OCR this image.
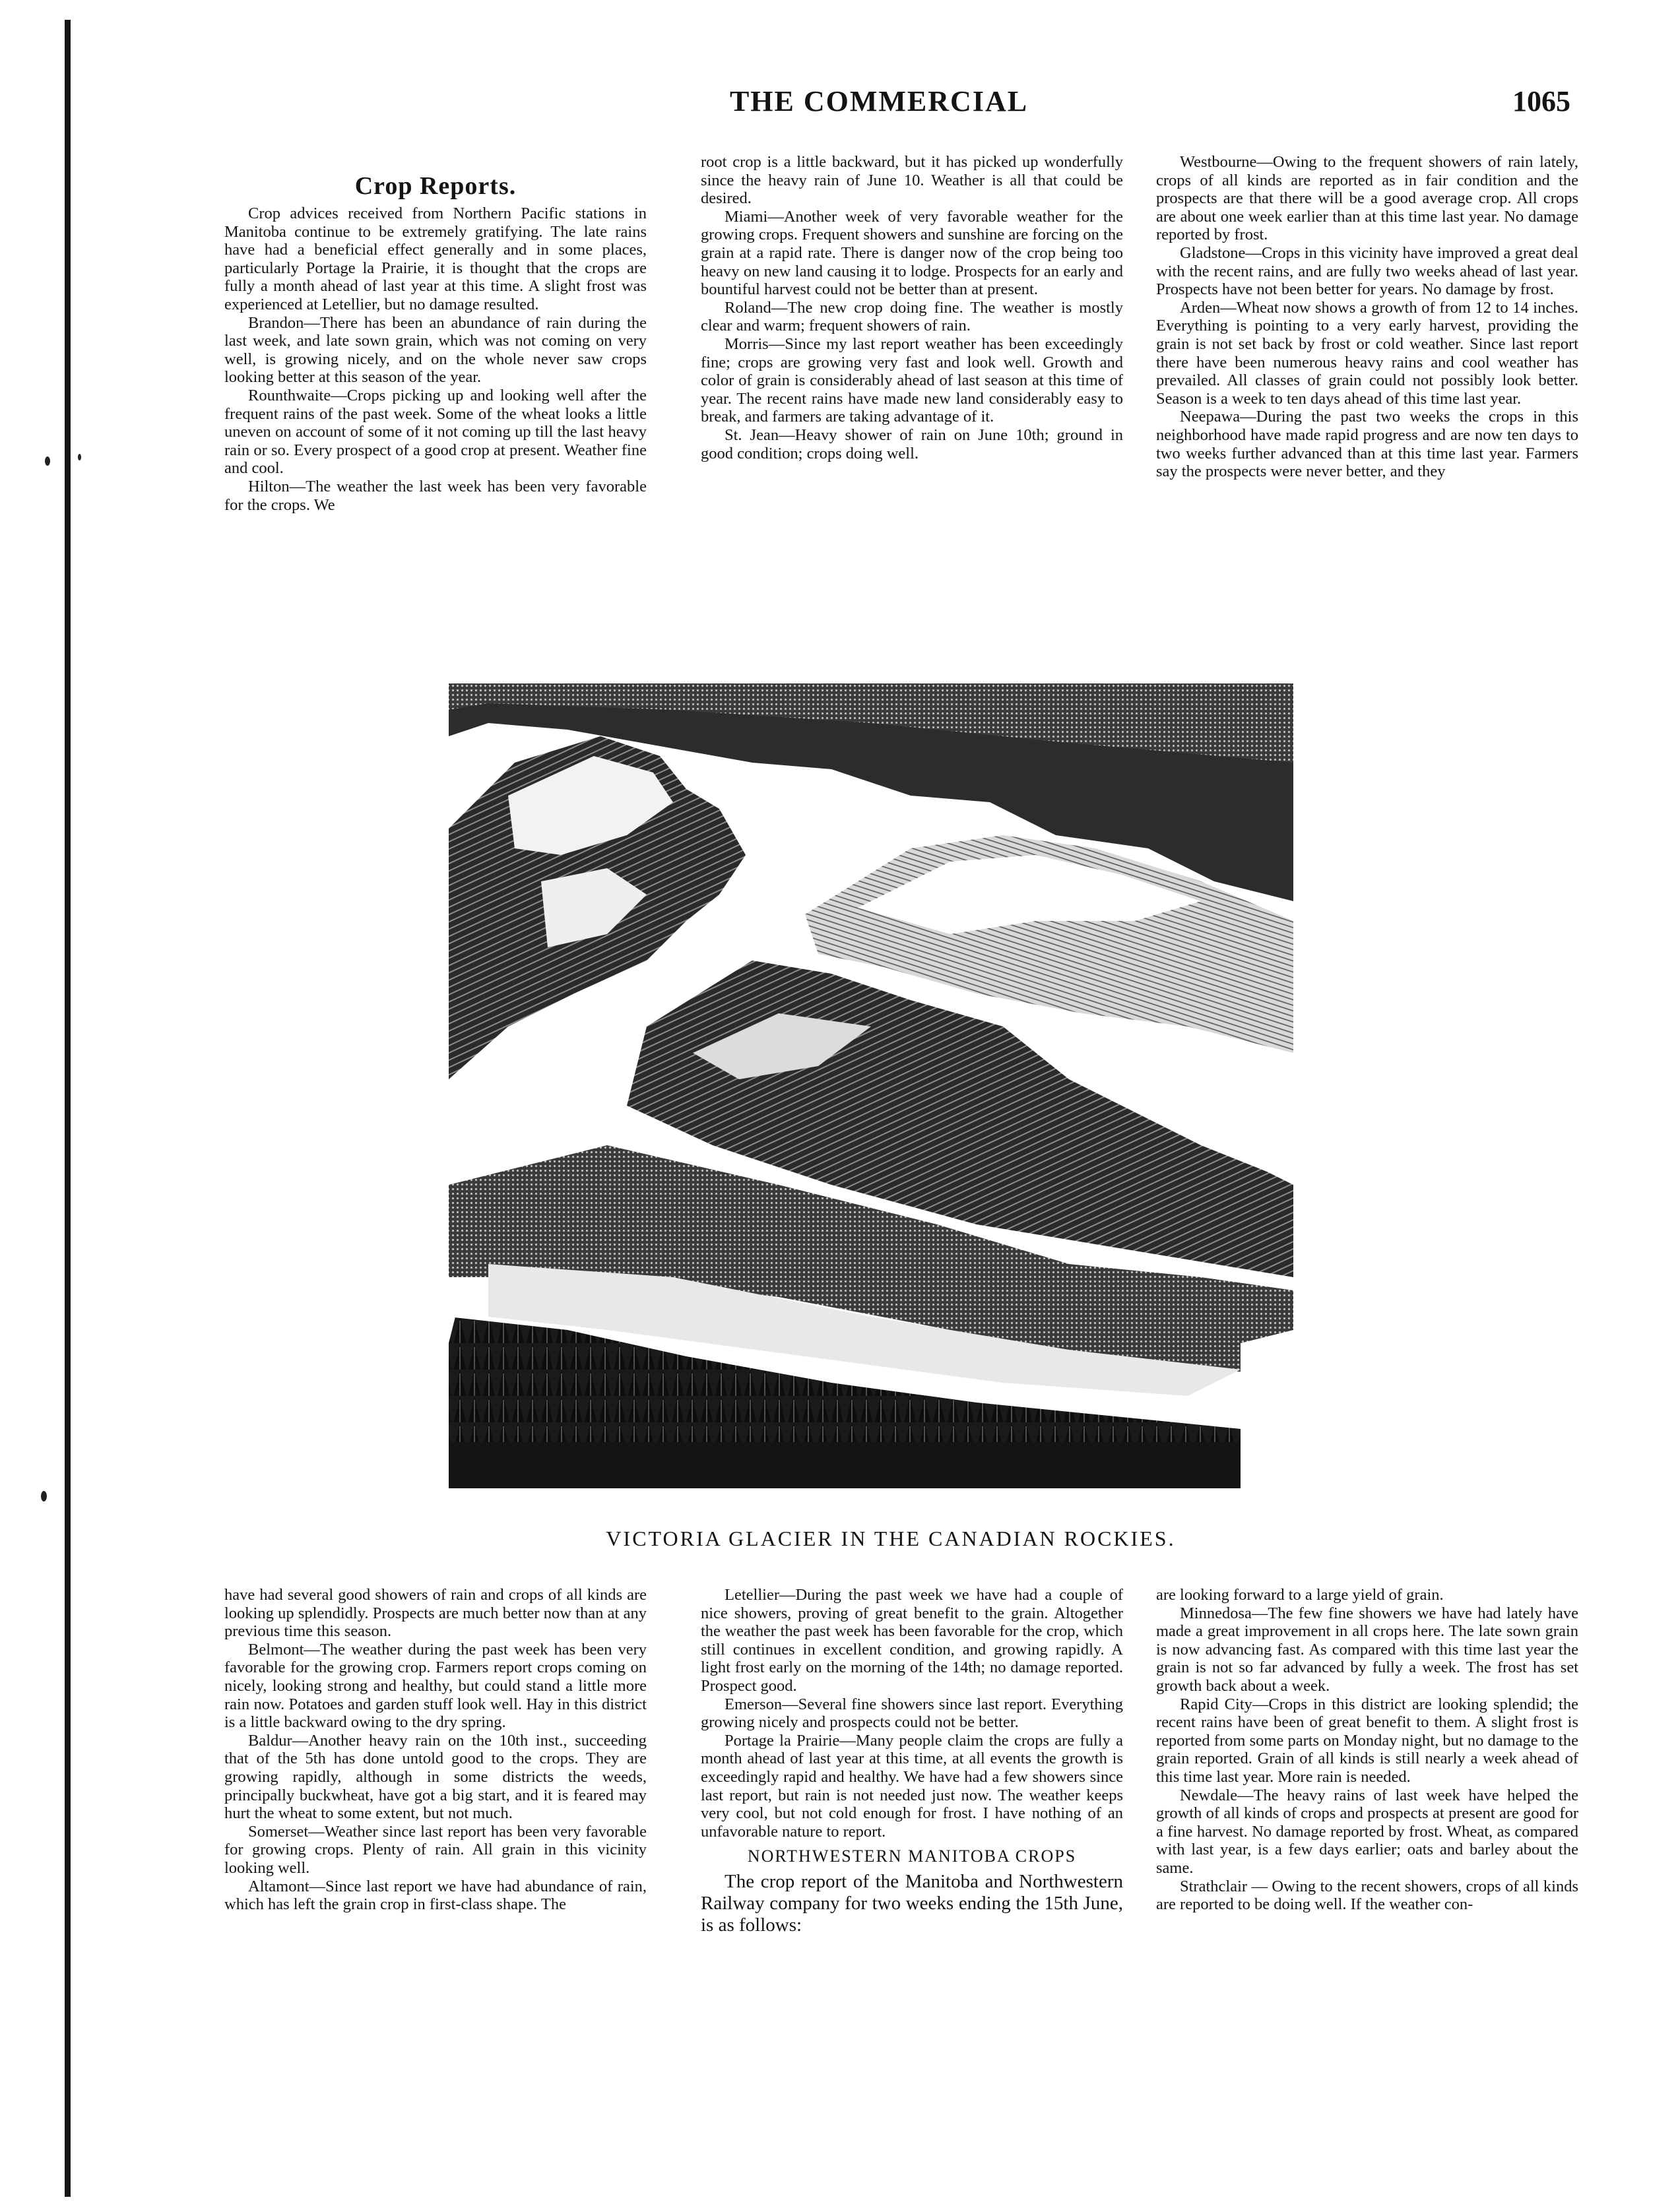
THE COMMERCIAL	1065
Crop Reports.

Crop advices received from Northern Pacific stations in Manitoba continue to be extremely gratifying. The late rains have had a beneficial effect generally and in some places, particularly Portage la Prairie, it is thought that the crops are fully a month ahead of last year at this time. A slight frost was experienced at Letellier, but no damage resulted.

Brandon—There has been an abundance of rain during the last week, and late sown grain, which was not coming on very well, is growing nicely, and on the whole never saw crops looking better at this season of the year.

Rounthwaite—Crops picking up and looking well after the frequent rains of the past week. Some of the wheat looks a little uneven on account of some of it not coming up till the last heavy rain or so. Every prospect of a good crop at present. Weather fine and cool.

Hilton—The weather the last week has been very favorable for the crops. We

root crop is a little backward, but it has picked up wonderfully since the heavy rain of June 10. Weather is all that could be desired.

Miami—Another week of very favorable weather for the growing crops. Frequent showers and sunshine are forcing on the grain at a rapid rate. There is danger now of the crop being too heavy on new land causing it to lodge. Prospects for an early and bountiful harvest could not be better than at present.

Roland—The new crop doing fine. The weather is mostly clear and warm; frequent showers of rain.

Morris—Since my last report weather has been exceedingly fine; crops are growing very fast and look well. Growth and color of grain is considerably ahead of last season at this time of year. The recent rains have made new land considerably easy to break, and farmers are taking advantage of it.

St. Jean—Heavy shower of rain on June 10th; ground in good condition; crops doing well.

Westbourne—Owing to the frequent showers of rain lately, crops of all kinds are reported as in fair condition and the prospects are that there will be a good average crop. All crops are about one week earlier than at this time last year. No damage reported by frost.

Gladstone—Crops in this vicinity have improved a great deal with the recent rains, and are fully two weeks ahead of last year. Prospects have not been better for years. No damage by frost.

Arden—Wheat now shows a growth of from 12 to 14 inches. Everything is pointing to a very early harvest, providing the grain is not set back by frost or cold weather. Since last report there have been numerous heavy rains and cool weather has prevailed. All classes of grain could not possibly look better. Season is a week to ten days ahead of this time last year.

Neepawa—During the past two weeks the crops in this neighborhood have made rapid progress and are now ten days to two weeks further advanced than at this time last year. Farmers say the prospects were never better, and they

VICTORIA GLACIER IN THE CANADIAN ROCKIES.

have had several good showers of rain and crops of all kinds are looking up splendidly. Prospects are much better now than at any previous time this season.

Belmont—The weather during the past week has been very favorable for the growing crop. Farmers report crops coming on nicely, looking strong and healthy, but could stand a little more rain now. Potatoes and garden stuff look well. Hay in this district is a little backward owing to the dry spring.

Baldur—Another heavy rain on the 10th inst., succeeding that of the 5th has done untold good to the crops. They are growing rapidly, although in some districts the weeds, principally buckwheat, have got a big start, and it is feared may hurt the wheat to some extent, but not much.

Somerset—Weather since last report has been very favorable for growing crops. Plenty of rain. All grain in this vicinity looking well.

Altamont—Since last report we have had abundance of rain, which has left the grain crop in first-class shape. The

Letellier—During the past week we have had a couple of nice showers, proving of great benefit to the grain. Altogether the weather the past week has been favorable for the crop, which still continues in excellent condition, and growing rapidly. A light frost early on the morning of the 14th; no damage reported. Prospect good.

Emerson—Several fine showers since last report. Everything growing nicely and prospects could not be better.

Portage la Prairie—Many people claim the crops are fully a month ahead of last year at this time, at all events the growth is exceedingly rapid and healthy. We have had a few showers since last report, but rain is not needed just now. The weather keeps very cool, but not cold enough for frost. I have nothing of an unfavorable nature to report.

NORTHWESTERN MANITOBA CROPS

The crop report of the Manitoba and Northwestern Railway company for two weeks ending the 15th June, is as follows:

are looking forward to a large yield of grain.

Minnedosa—The few fine showers we have had lately have made a great improvement in all crops here. The late sown grain is now advancing fast. As compared with this time last year the grain is not so far advanced by fully a week. The frost has set growth back about a week.

Rapid City—Crops in this district are looking splendid; the recent rains have been of great benefit to them. A slight frost is reported from some parts on Monday night, but no damage to the grain reported. Grain of all kinds is still nearly a week ahead of this time last year. More rain is needed.

Newdale—The heavy rains of last week have helped the growth of all kinds of crops and prospects at present are good for a fine harvest. No damage reported by frost. Wheat, as compared with last year, is a few days earlier; oats and barley about the same.

Strathclair — Owing to the recent showers, crops of all kinds are reported to be doing well. If the weather con-
